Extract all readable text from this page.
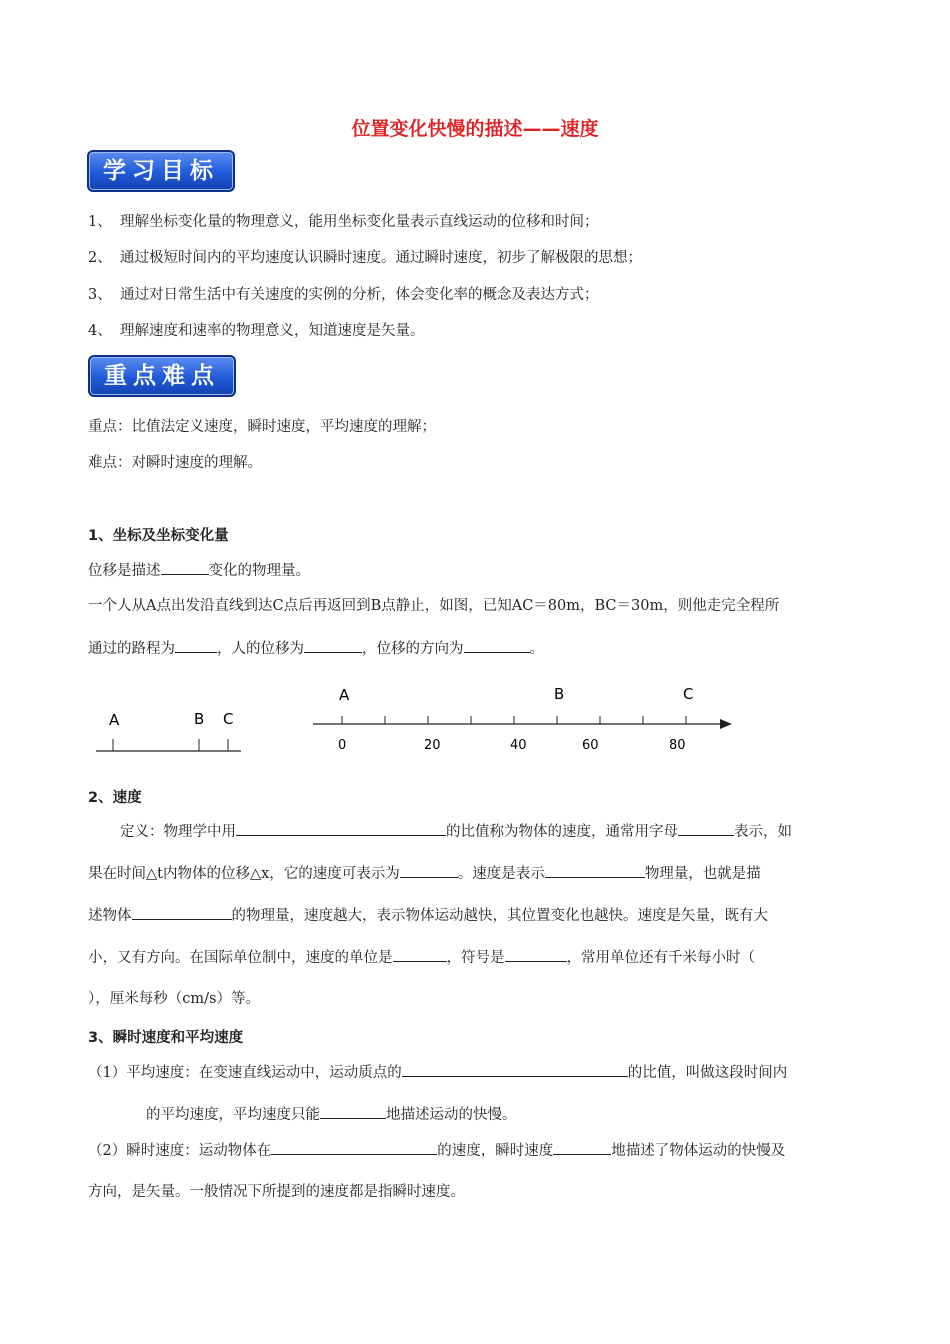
位置变化快慢的描述——速度
学习目标
1、 理解坐标变化量的物理意义，能用坐标变化量表示直线运动的位移和时间；
2、 通过极短时间内的平均速度认识瞬时速度。通过瞬时速度，初步了解极限的思想；
3、 通过对日常生活中有关速度的实例的分析，体会变化率的概念及表达方式；
4、 理解速度和速率的物理意义，知道速度是矢量。
重点难点
重点：比值法定义速度，瞬时速度，平均速度的理解；
难点：对瞬时速度的理解。
1、坐标及坐标变化量
位移是描述	变化的物理量。
一个人从A点出发沿直线到达C点后再返回到B点静止，如图，已知AC＝80m，BC＝30m，则他走完全程所
通过的路程为	，人的位移为	，位移的方向为	。
A	B C
A	B	C
0	20	40	60	80
2、速度
定义：物理学中用	的比值称为物体的速度，通常用字母	表示，如
果在时间△t内物体的位移△x，它的速度可表示为	。速度是表示	物理量，也就是描
述物体	的物理量，速度越大，表示物体运动越快，其位置变化也越快。速度是矢量，既有大
小，又有方向。在国际单位制中，速度的单位是	，符号是	，常用单位还有千米每小时（
），厘米每秒（cm/s）等。
3、瞬时速度和平均速度
（1）平均速度：在变速直线运动中，运动质点的	的比值，叫做这段时间内
的平均速度，平均速度只能	地描述运动的快慢。
（2）瞬时速度：运动物体在	的速度，瞬时速度	地描述了物体运动的快慢及
方向，是矢量。一般情况下所提到的速度都是指瞬时速度。
